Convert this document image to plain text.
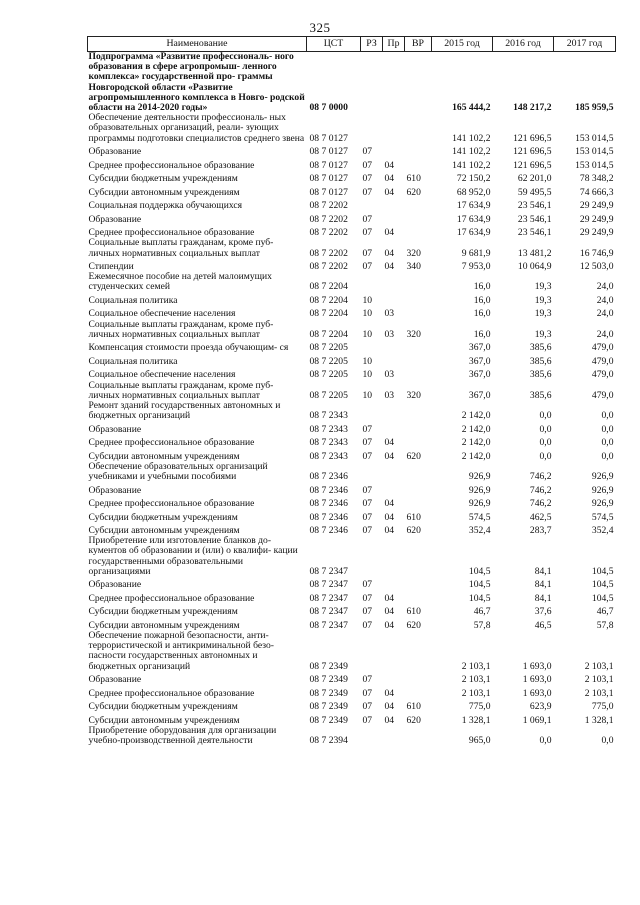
325
Наименование	ЦСТ	РЗ	Пр	ВР	2015 год	2016 год	2017 год
Подпрограмма «Развитие профессиональ- ного образования в сфере агропромыш- ленного комплекса» государственной про- граммы Новгородской области «Развитие агропромышленного комплекса в Новго- родской области на 2014-2020 годы»	08 7 0000				165 444,2	148 217,2	185 959,5
Обеспечение деятельности профессиональ- ных образовательных организаций, реали- зующих программы подготовки специалистов среднего звена	08 7 0127				141 102,2	121 696,5	153 014,5
Образование	08 7 0127	07			141 102,2	121 696,5	153 014,5
Среднее профессиональное образование	08 7 0127	07	04		141 102,2	121 696,5	153 014,5
Субсидии бюджетным учреждениям	08 7 0127	07	04	610	72 150,2	62 201,0	78 348,2
Субсидии автономным учреждениям	08 7 0127	07	04	620	68 952,0	59 495,5	74 666,3
Социальная поддержка обучающихся	08 7 2202				17 634,9	23 546,1	29 249,9
Образование	08 7 2202	07			17 634,9	23 546,1	29 249,9
Среднее профессиональное образование	08 7 2202	07	04		17 634,9	23 546,1	29 249,9
Социальные выплаты гражданам, кроме пуб- личных нормативных социальных выплат	08 7 2202	07	04	320	9 681,9	13 481,2	16 746,9
Стипендии	08 7 2202	07	04	340	7 953,0	10 064,9	12 503,0
Ежемесячное пособие на детей малоимущих студенческих семей	08 7 2204				16,0	19,3	24,0
Социальная политика	08 7 2204	10			16,0	19,3	24,0
Социальное обеспечение населения	08 7 2204	10	03		16,0	19,3	24,0
Социальные выплаты гражданам, кроме пуб- личных нормативных социальных выплат	08 7 2204	10	03	320	16,0	19,3	24,0
Компенсация стоимости проезда обучающим- ся	08 7 2205				367,0	385,6	479,0
Социальная политика	08 7 2205	10			367,0	385,6	479,0
Социальное обеспечение населения	08 7 2205	10	03		367,0	385,6	479,0
Социальные выплаты гражданам, кроме пуб- личных нормативных социальных выплат	08 7 2205	10	03	320	367,0	385,6	479,0
Ремонт зданий государственных автономных и бюджетных организаций	08 7 2343				2 142,0	0,0	0,0
Образование	08 7 2343	07			2 142,0	0,0	0,0
Среднее профессиональное образование	08 7 2343	07	04		2 142,0	0,0	0,0
Субсидии автономным учреждениям	08 7 2343	07	04	620	2 142,0	0,0	0,0
Обеспечение образовательных организаций учебниками и учебными пособиями	08 7 2346				926,9	746,2	926,9
Образование	08 7 2346	07			926,9	746,2	926,9
Среднее профессиональное образование	08 7 2346	07	04		926,9	746,2	926,9
Субсидии бюджетным учреждениям	08 7 2346	07	04	610	574,5	462,5	574,5
Субсидии автономным учреждениям	08 7 2346	07	04	620	352,4	283,7	352,4
Приобретение или изготовление бланков до- кументов об образовании и (или) о квалифи- кации государственными образовательными организациями	08 7 2347				104,5	84,1	104,5
Образование	08 7 2347	07			104,5	84,1	104,5
Среднее профессиональное образование	08 7 2347	07	04		104,5	84,1	104,5
Субсидии бюджетным учреждениям	08 7 2347	07	04	610	46,7	37,6	46,7
Субсидии автономным учреждениям	08 7 2347	07	04	620	57,8	46,5	57,8
Обеспечение пожарной безопасности, анти- террористической и антикриминальной безо- пасности государственных автономных и бюджетных организаций	08 7 2349				2 103,1	1 693,0	2 103,1
Образование	08 7 2349	07			2 103,1	1 693,0	2 103,1
Среднее профессиональное образование	08 7 2349	07	04		2 103,1	1 693,0	2 103,1
Субсидии бюджетным учреждениям	08 7 2349	07	04	610	775,0	623,9	775,0
Субсидии автономным учреждениям	08 7 2349	07	04	620	1 328,1	1 069,1	1 328,1
Приобретение оборудования для организации учебно-производственной деятельности	08 7 2394				965,0	0,0	0,0
